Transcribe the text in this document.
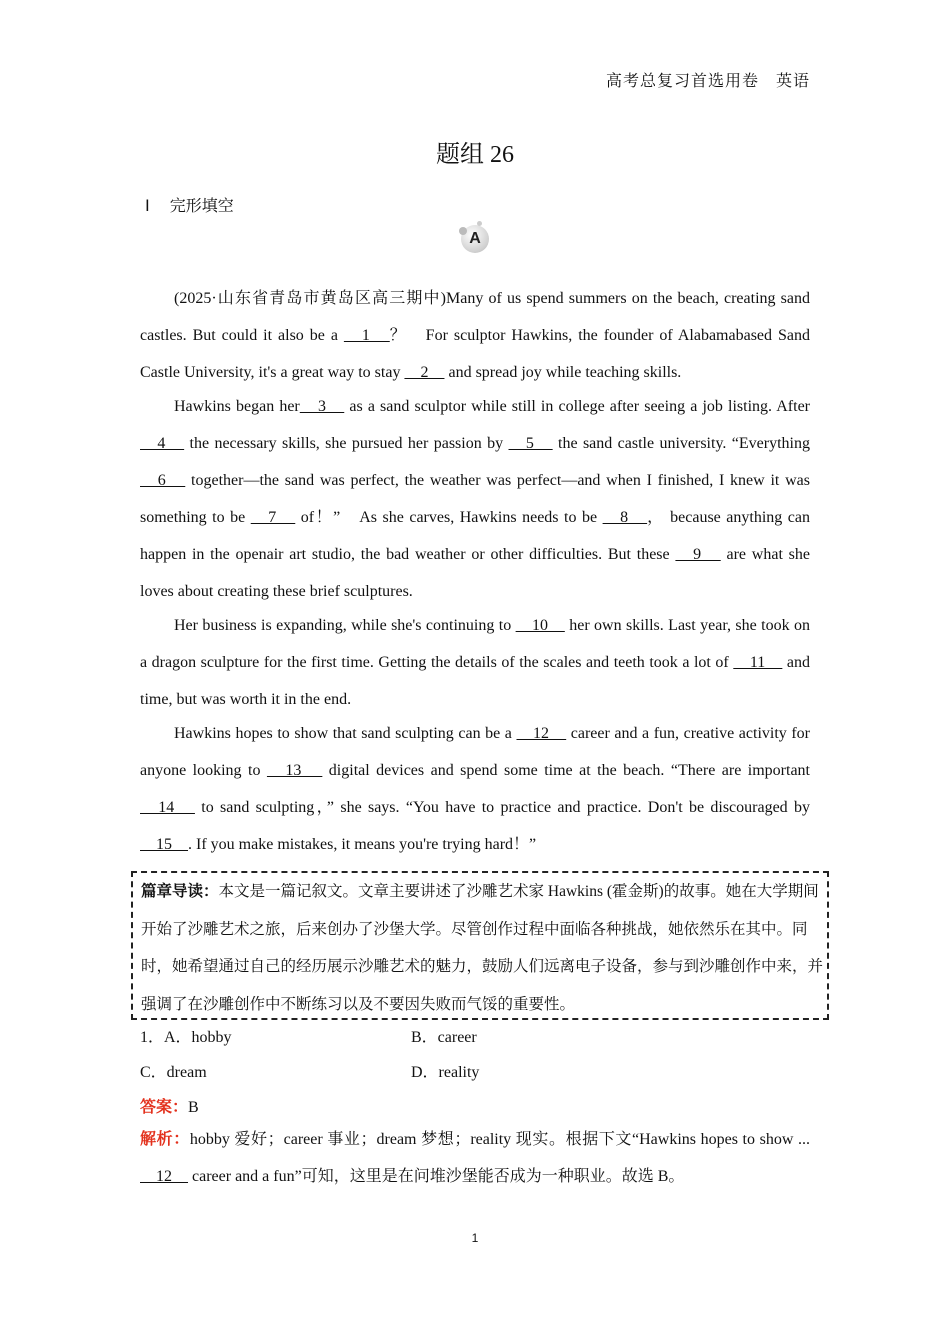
高考总复习首选用卷　英语
题组 26
Ⅰ 完形填空
A

(2025·山东省青岛市黄岛区高三期中)Many of us spend summers on the beach, creating sand castles. But could it also be a 　1　？　For sculptor Hawkins, the founder of Alabamabased Sand Castle University, it's a great way to stay 　2　 and spread joy while teaching skills.

Hawkins began her　3　 as a sand sculptor while still in college after seeing a job listing. After 　4　 the necessary skills, she pursued her passion by 　5　 the sand castle university. “Everything 　6　 together—the sand was perfect, the weather was perfect—and when I finished, I knew it was something to be 　7　 of！”　As she carves, Hawkins needs to be 　8　， because anything can happen in the openair art studio, the bad weather or other difficulties. But these 　9　 are what she loves about creating these brief sculptures.

Her business is expanding, while she's continuing to 　10　 her own skills. Last year, she took on a dragon sculpture for the first time. Getting the details of the scales and teeth took a lot of 　11　 and time, but was worth it in the end.

Hawkins hopes to show that sand sculpting can be a 　12　 career and a fun, creative activity for anyone looking to 　13　 digital devices and spend some time at the beach. “There are important 　14　 to sand sculpting，” she says. “You have to practice and practice. Don't be discouraged by 　15　. If you make mistakes, it means you're trying hard！”

篇章导读：本文是一篇记叙文。文章主要讲述了沙雕艺术家 Hawkins (霍金斯)的故事。她在大学期间开始了沙雕艺术之旅，后来创办了沙堡大学。尽管创作过程中面临各种挑战，她依然乐在其中。同时，她希望通过自己的经历展示沙雕艺术的魅力，鼓励人们远离电子设备，参与到沙雕创作中来，并强调了在沙雕创作中不断练习以及不要因失败而气馁的重要性。
1．A．hobby	B．career
C．dream	D．reality
答案：B
解析：hobby 爱好；career 事业；dream 梦想；reality 现实。根据下文“Hawkins hopes to show ... 　12　 career and a fun”可知，这里是在问堆沙堡能否成为一种职业。故选 B。
1
